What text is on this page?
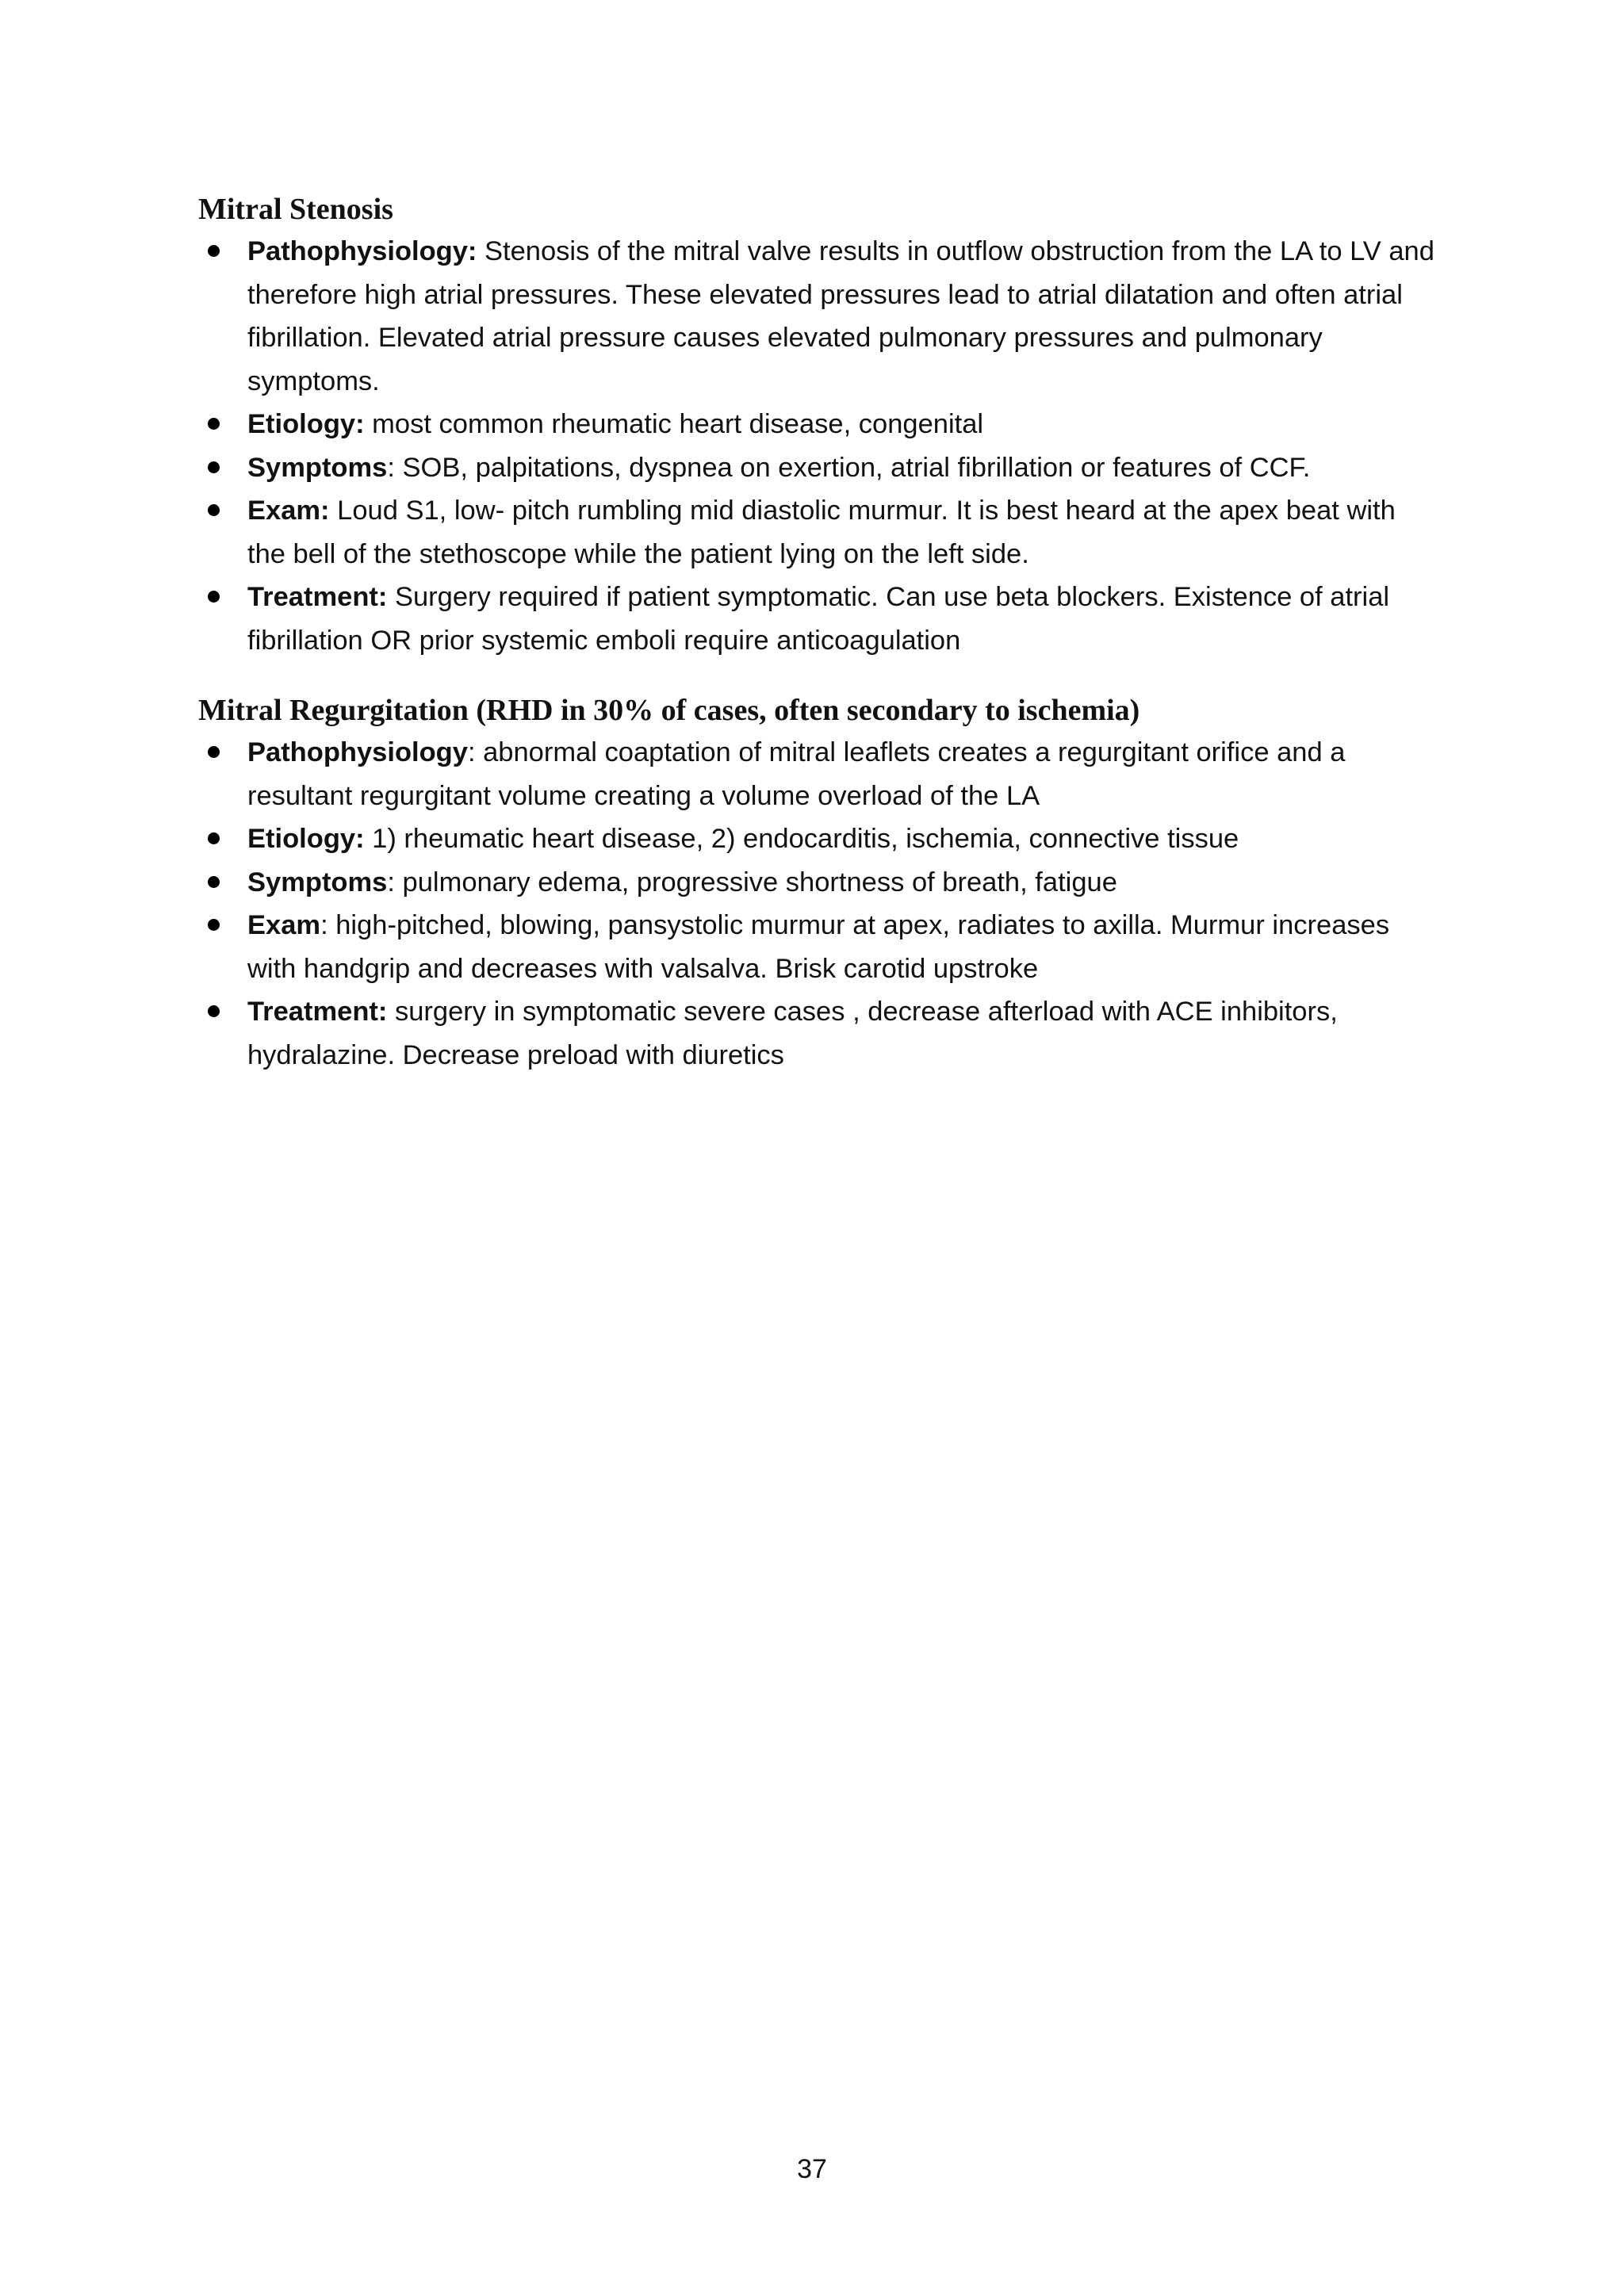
Mitral Stenosis
Pathophysiology: Stenosis of the mitral valve results in outflow obstruction from the LA to LV and therefore high atrial pressures. These elevated pressures lead to atrial dilatation and often atrial fibrillation. Elevated atrial pressure causes elevated pulmonary pressures and pulmonary symptoms.
Etiology: most common rheumatic heart disease, congenital
Symptoms: SOB, palpitations, dyspnea on exertion, atrial fibrillation or features of CCF.
Exam: Loud S1, low- pitch rumbling mid diastolic murmur. It is best heard at the apex beat with the bell of the stethoscope while the patient lying on the left side.
Treatment: Surgery required if patient symptomatic. Can use beta blockers. Existence of atrial fibrillation OR prior systemic emboli require anticoagulation
Mitral Regurgitation (RHD in 30% of cases, often secondary to ischemia)
Pathophysiology: abnormal coaptation of mitral leaflets creates a regurgitant orifice and a resultant regurgitant volume creating a volume overload of the LA
Etiology: 1) rheumatic heart disease, 2) endocarditis, ischemia, connective tissue
Symptoms: pulmonary edema, progressive shortness of breath, fatigue
Exam: high-pitched, blowing, pansystolic murmur at apex, radiates to axilla. Murmur increases with handgrip and decreases with valsalva. Brisk carotid upstroke
Treatment: surgery in symptomatic severe cases , decrease afterload with ACE inhibitors, hydralazine. Decrease preload with diuretics
37
